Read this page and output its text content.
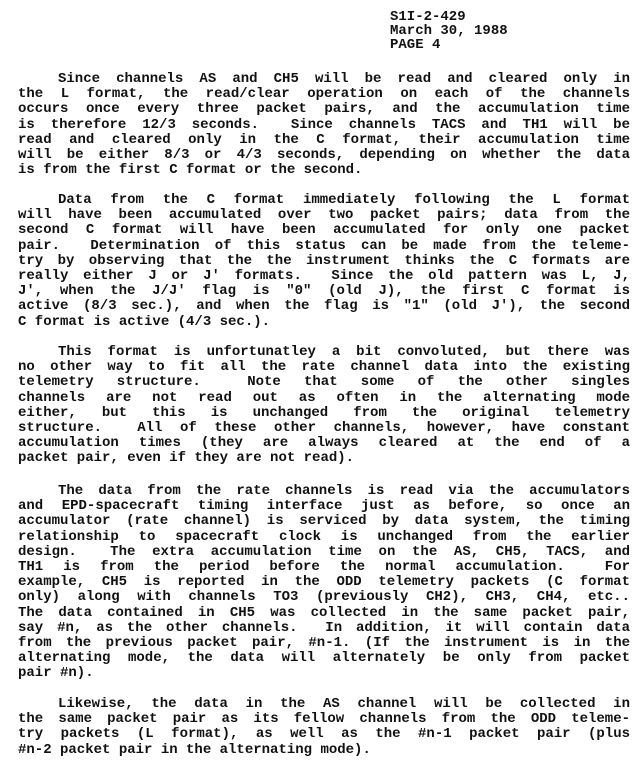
S1I-2-429
March 30, 1988
PAGE 4
Since channels AS and CH5 will be read and cleared only in
the L format, the read/clear operation on each of the channels
occurs once every three packet pairs, and the accumulation time
is therefore 12/3 seconds.  Since channels TACS and TH1 will be
read and cleared only in the C format, their accumulation time
will be either 8/3 or 4/3 seconds, depending on whether the data
is from the first C format or the second.
Data from the C format immediately following the L format
will have been accumulated over two packet pairs; data from the
second C format will have been accumulated for only one packet
pair.  Determination of this status can be made from the teleme-
try by observing that the the instrument thinks the C formats are
really either J or J' formats.  Since the old pattern was L, J,
J', when the J/J' flag is "0" (old J), the first C format is
active (8/3 sec.), and when the flag is "1" (old J'), the second
C format is active (4/3 sec.).
This format is unfortunatley a bit convoluted, but there was
no other way to fit all the rate channel data into the existing
telemetry structure.  Note that some of the other singles
channels are not read out as often in the alternating mode
either, but this is unchanged from the original telemetry
structure.  All of these other channels, however, have constant
accumulation times (they are always cleared at the end of a
packet pair, even if they are not read).
The data from the rate channels is read via the accumulators
and EPD-spacecraft timing interface just as before, so once an
accumulator (rate channel) is serviced by data system, the timing
relationship to spacecraft clock is unchanged from the earlier
design.  The extra accumulation time on the AS, CH5, TACS, and
TH1 is from the period before the normal accumulation.  For
example, CH5 is reported in the ODD telemetry packets (C format
only) along with channels TO3 (previously CH2), CH3, CH4, etc..
The data contained in CH5 was collected in the same packet pair,
say #n, as the other channels.  In addition, it will contain data
from the previous packet pair, #n-1. (If the instrument is in the
alternating mode, the data will alternately be only from packet
pair #n).
Likewise, the data in the AS channel will be collected in
the same packet pair as its fellow channels from the ODD teleme-
try packets (L format), as well as the #n-1 packet pair (plus
#n-2 packet pair in the alternating mode).
